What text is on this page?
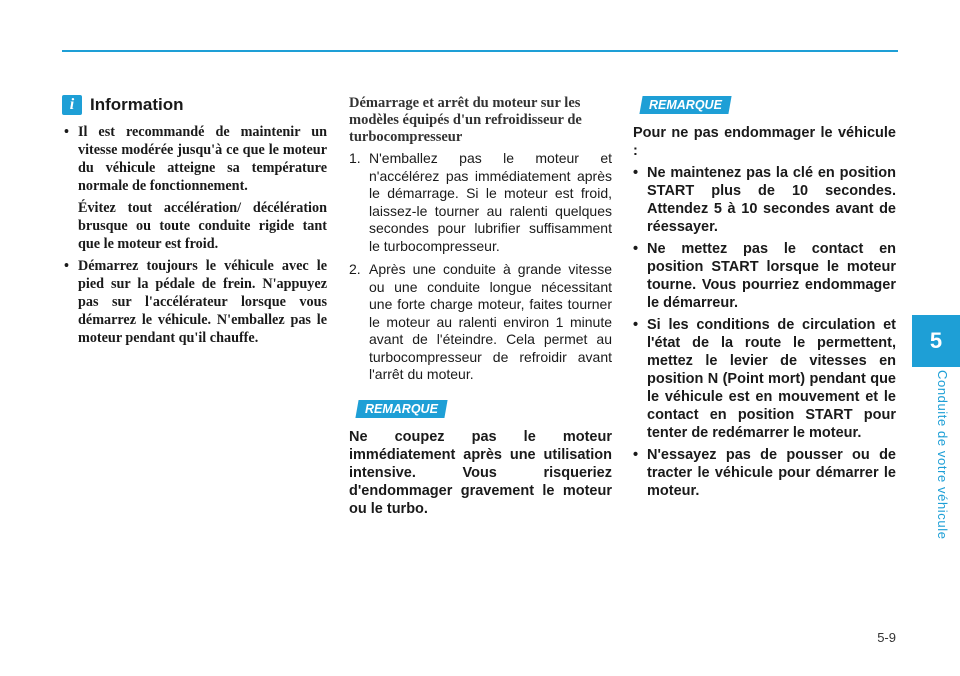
i Information

• Il est recommandé de maintenir un vitesse modérée jusqu'à ce que le moteur du véhicule atteigne sa température normale de fonctionnement.

Évitez tout accélération/ décélération brusque ou toute conduite rigide tant que le moteur est froid.

• Démarrez toujours le véhicule avec le pied sur la pédale de frein. N'appuyez pas sur l'accélérateur lorsque vous démarrez le véhicule. N'emballez pas le moteur pendant qu'il chauffe.

Démarrage et arrêt du moteur sur les modèles équipés d'un refroidisseur de turbocompresseur
1. N'emballez pas le moteur et n'accélérez pas immédiatement après le démarrage. Si le moteur est froid, laissez-le tourner au ralenti quelques secondes pour lubrifier suffisamment le turbocompresseur.
2. Après une conduite à grande vitesse ou une conduite longue nécessitant une forte charge moteur, faites tourner le moteur au ralenti environ 1 minute avant de l'éteindre. Cela permet au turbocompresseur de refroidir avant l'arrêt du moteur.
REMARQUE

Ne coupez pas le moteur immédiatement après une utilisation intensive. Vous risqueriez d'endommager gravement le moteur ou le turbo.

REMARQUE

Pour ne pas endommager le véhicule :

• Ne maintenez pas la clé en position START plus de 10 secondes. Attendez 5 à 10 secondes avant de réessayer.
• Ne mettez pas le contact en position START lorsque le moteur tourne. Vous pourriez endommager le démarreur.
• Si les conditions de circulation et l'état de la route le permettent, mettez le levier de vitesses en position N (Point mort) pendant que le véhicule est en mouvement et le contact en position START pour tenter de redémarrer le moteur.
• N'essayez pas de pousser ou de tracter le véhicule pour démarrer le moteur.
5
Conduite de votre véhicule
5-9
